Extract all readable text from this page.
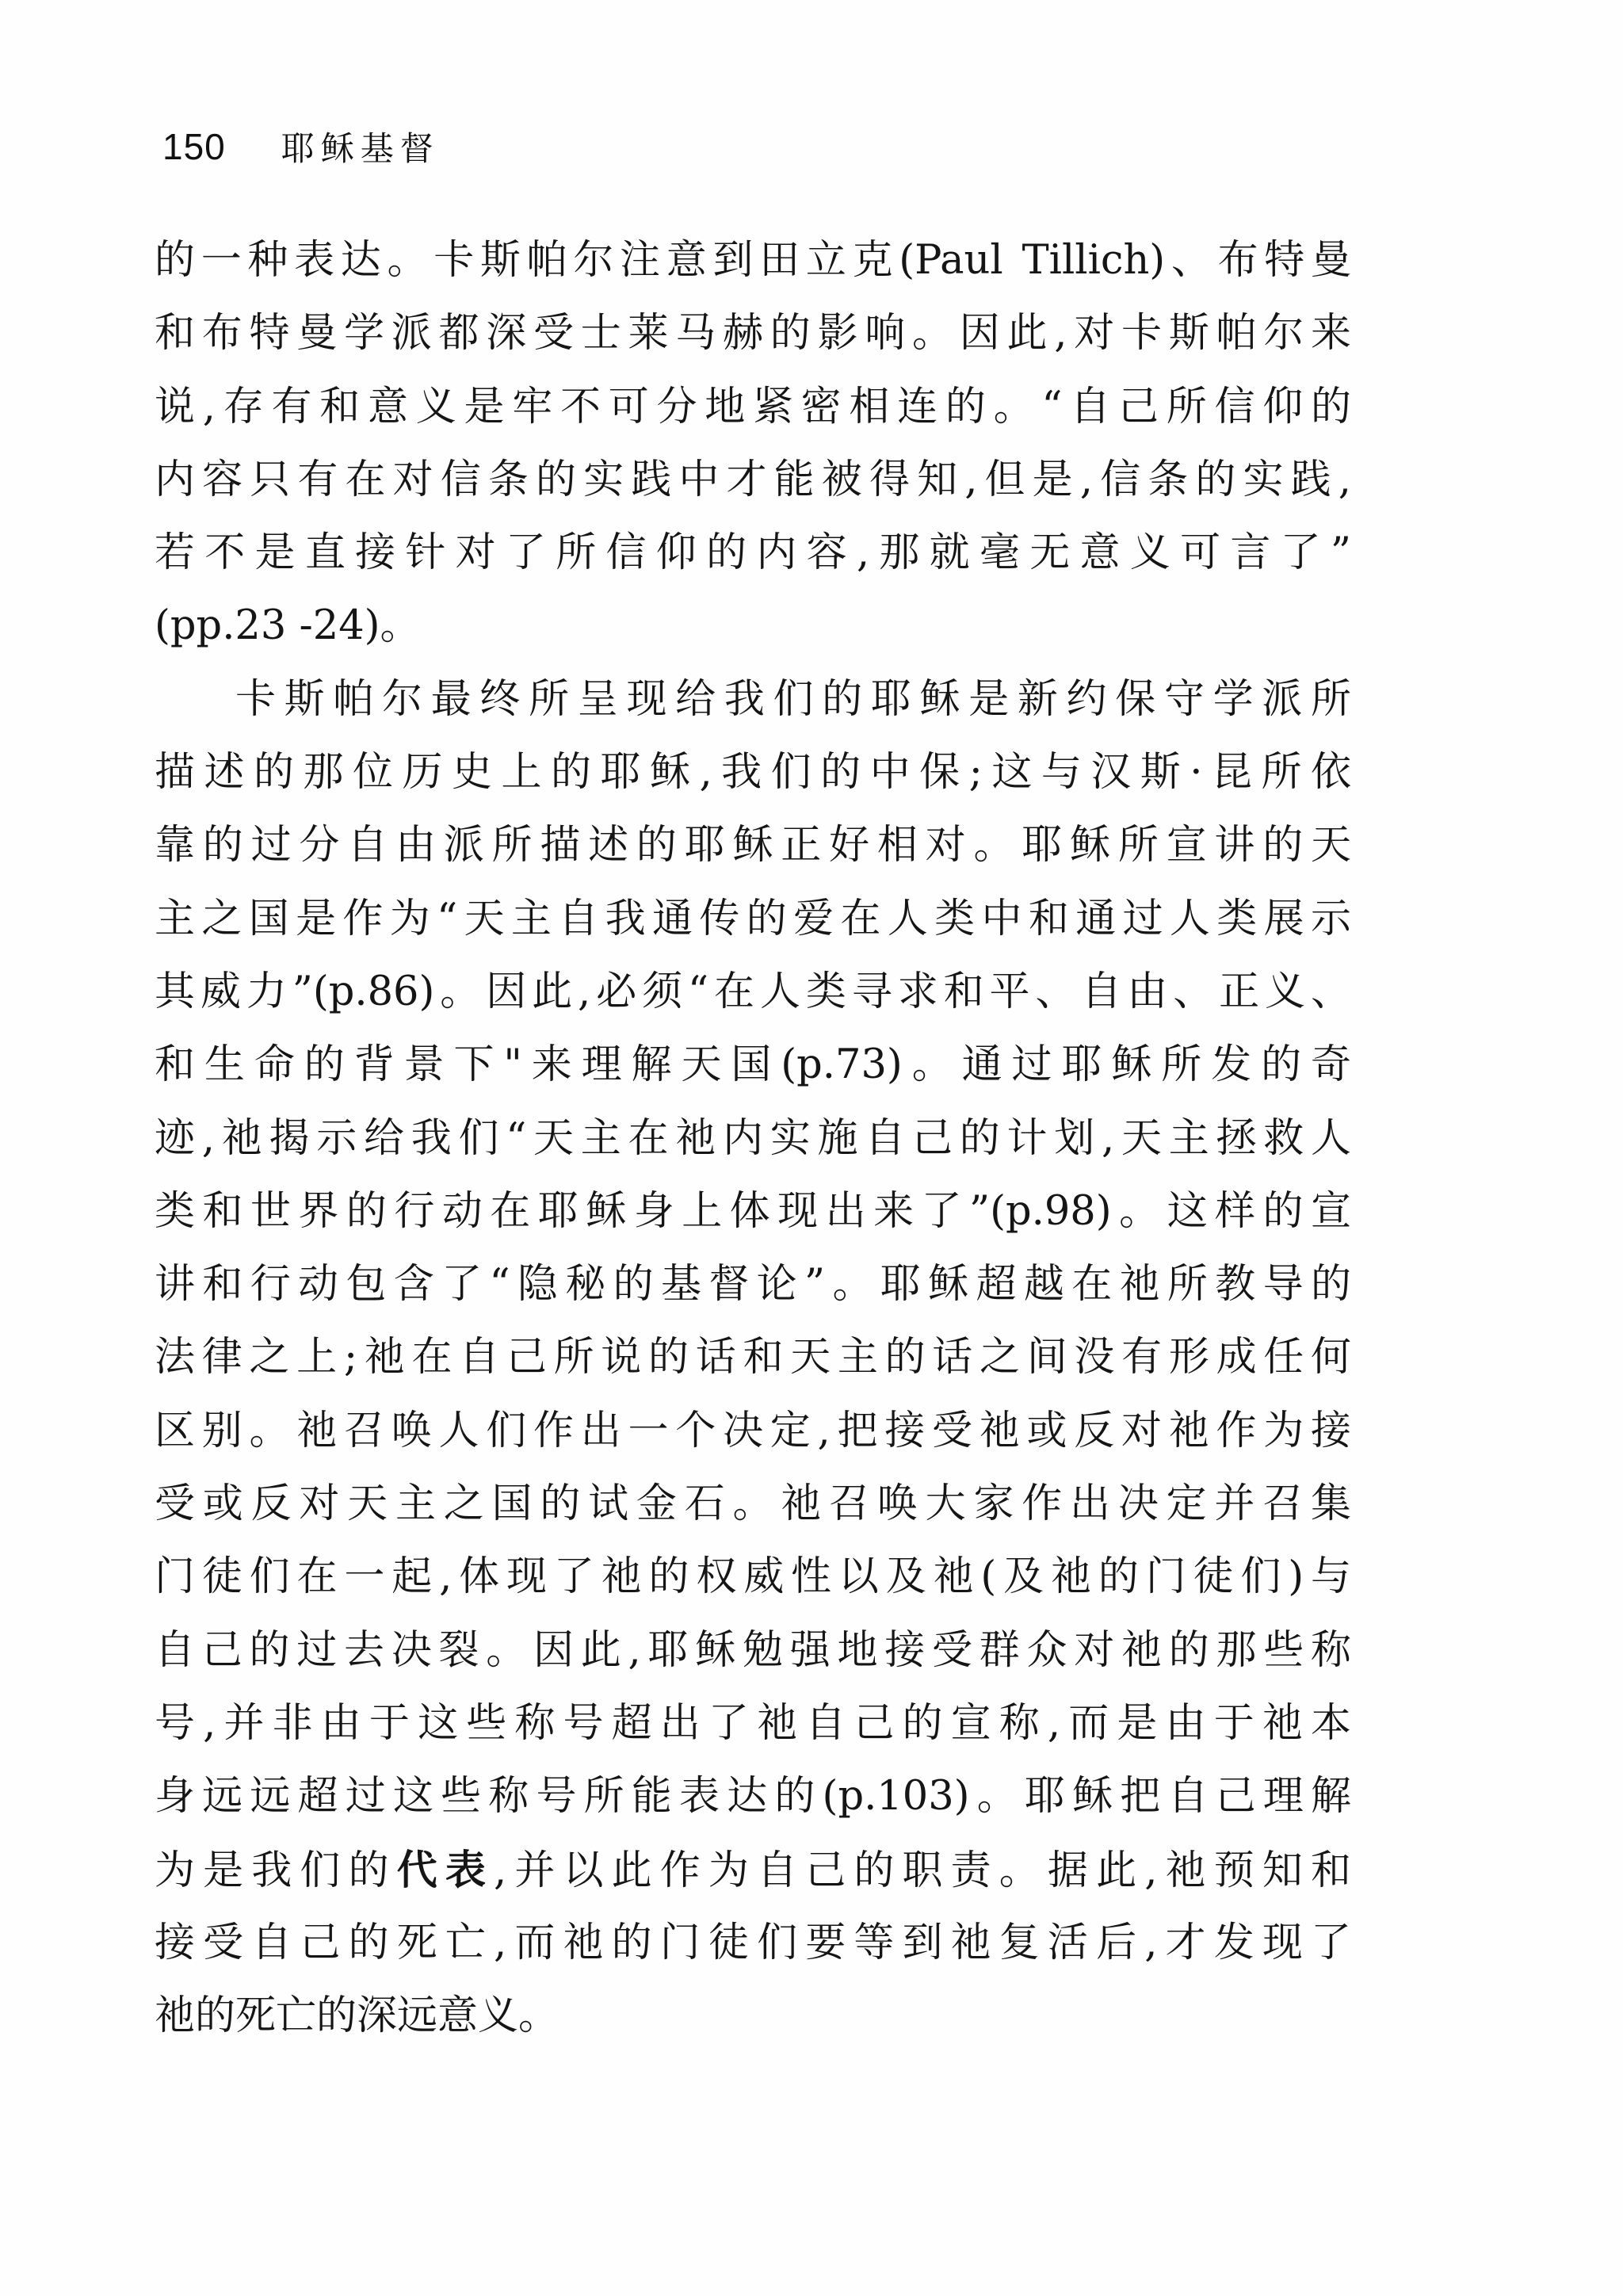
150 耶稣基督

的一种表达。卡斯帕尔注意到田立克(Paul Tillich)、布特曼
和布特曼学派都深受士莱马赫的影响。因此,对卡斯帕尔来
说,存有和意义是牢不可分地紧密相连的。“自己所信仰的
内容只有在对信条的实践中才能被得知,但是,信条的实践,
若不是直接针对了所信仰的内容,那就毫无意义可言了”
(pp.23 -24)。

卡斯帕尔最终所呈现给我们的耶稣是新约保守学派所
描述的那位历史上的耶稣,我们的中保;这与汉斯·昆所依
靠的过分自由派所描述的耶稣正好相对。耶稣所宣讲的天
主之国是作为“天主自我通传的爱在人类中和通过人类展示
其威力”(p.86)。因此,必须“在人类寻求和平、自由、正义、
和生命的背景下"来理解天国(p.73)。通过耶稣所发的奇
迹,祂揭示给我们“天主在祂内实施自己的计划,天主拯救人
类和世界的行动在耶稣身上体现出来了”(p.98)。这样的宣
讲和行动包含了“隐秘的基督论”。耶稣超越在祂所教导的
法律之上;祂在自己所说的话和天主的话之间没有形成任何
区别。祂召唤人们作出一个决定,把接受祂或反对祂作为接
受或反对天主之国的试金石。祂召唤大家作出决定并召集
门徒们在一起,体现了祂的权威性以及祂(及祂的门徒们)与
自己的过去决裂。因此,耶稣勉强地接受群众对祂的那些称
号,并非由于这些称号超出了祂自己的宣称,而是由于祂本
身远远超过这些称号所能表达的(p.103)。耶稣把自己理解
为是我们的代表,并以此作为自己的职责。据此,祂预知和
接受自己的死亡,而祂的门徒们要等到祂复活后,才发现了
祂的死亡的深远意义。
